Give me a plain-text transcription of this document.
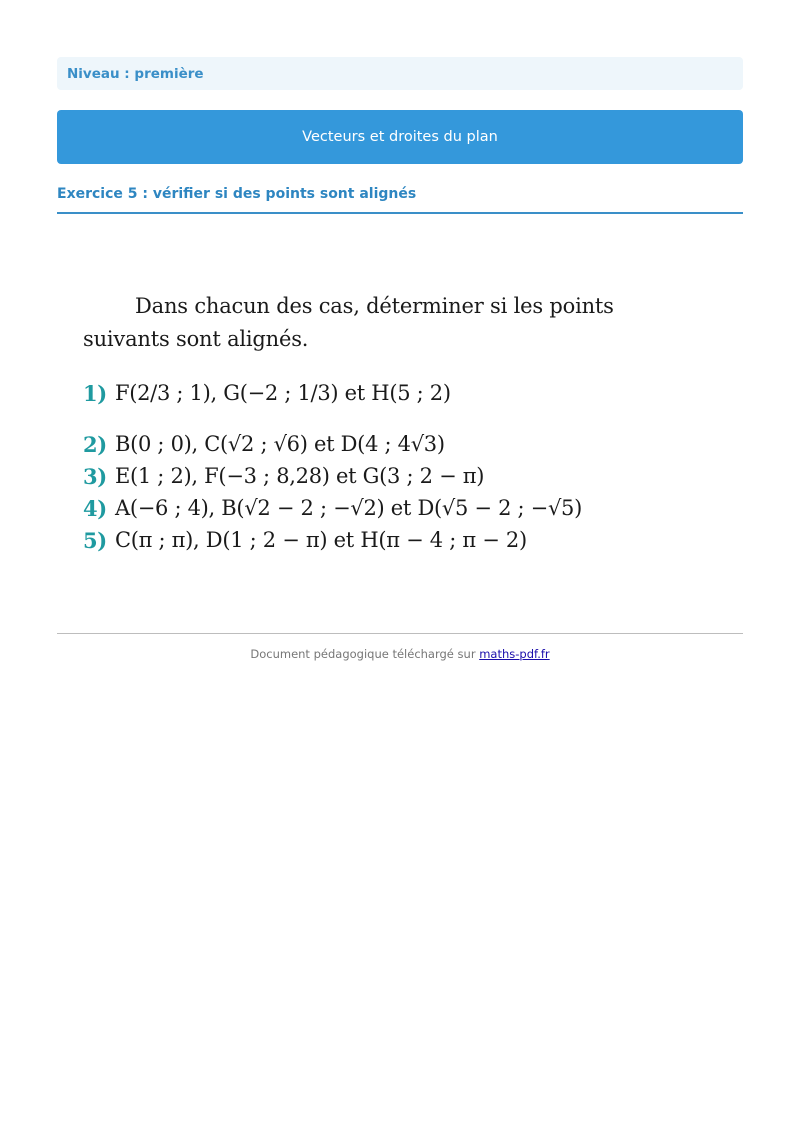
Niveau : première
Vecteurs et droites du plan
Exercice 5 : vérifier si des points sont alignés
Dans chacun des cas, déterminer si les points suivants sont alignés.
1) F(2/3 ; 1), G(−2 ; 1/3) et H(5 ; 2)
2) B(0 ; 0), C(√2 ; √6) et D(4 ; 4√3)
3) E(1 ; 2), F(−3 ; 8,28) et G(3 ; 2 − π)
4) A(−6 ; 4), B(√2 − 2 ; −√2) et D(√5 − 2 ; −√5)
5) C(π ; π), D(1 ; 2 − π) et H(π − 4 ; π − 2)
Document pédagogique téléchargé sur maths-pdf.fr
